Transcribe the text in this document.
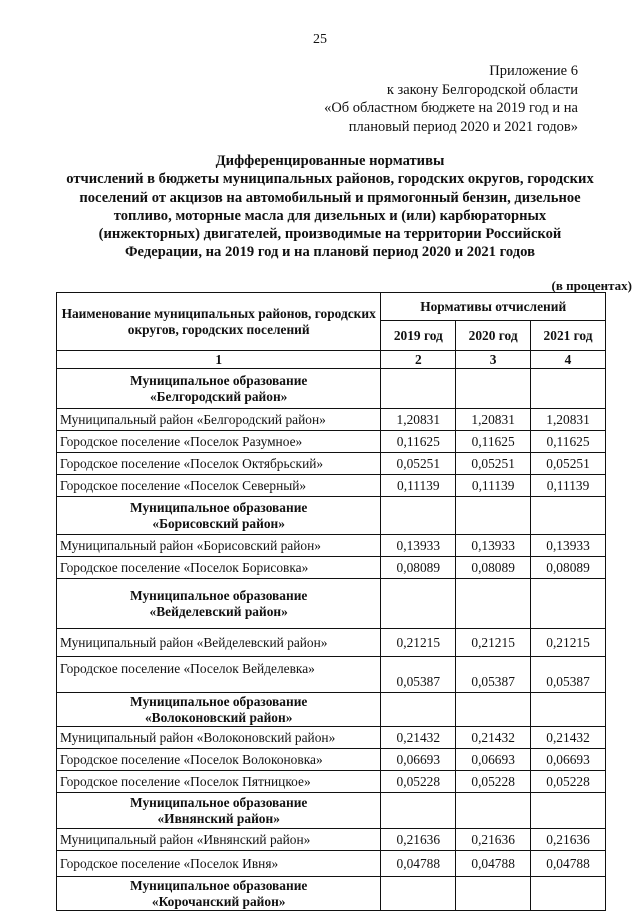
25
Приложение 6
к закону Белгородской области
«Об областном бюджете на 2019 год и на
плановый период 2020 и 2021 годов»
Дифференцированные нормативы
отчислений в бюджеты муниципальных районов, городских округов, городских
поселений от акцизов на автомобильный и прямогонный бензин, дизельное
топливо, моторные масла для дизельных и (или) карбюраторных
(инжекторных) двигателей, производимые на территории Российской
Федерации, на 2019 год и на плановй период 2020 и 2021 годов
(в процентах)
Наименование муниципальных районов, городских округов, городских поселений	Нормативы отчислений		
	2019 год	2020 год	2021 год
1	2	3	4

Муниципальное образование
«Белгородский район»			

Муниципальный район «Белгородский район»	1,20831	1,20831	1,20831
Городское поселение «Поселок Разумное»	0,11625	0,11625	0,11625
Городское поселение «Поселок Октябрьский»	0,05251	0,05251	0,05251
Городское поселение «Поселок Северный»	0,11139	0,11139	0,11139

Муниципальное образование
«Борисовский район»			

Муниципальный район «Борисовский район»	0,13933	0,13933	0,13933
Городское поселение «Поселок Борисовка»	0,08089	0,08089	0,08089

Муниципальное образование
«Вейделевский район»			

Муниципальный район «Вейделевский район»	0,21215	0,21215	0,21215
Городское поселение «Поселок Вейделевка»	0,05387	0,05387	0,05387

Муниципальное образование
«Волоконовский район»			

Муниципальный район «Волоконовский район»	0,21432	0,21432	0,21432
Городское поселение «Поселок Волоконовка»	0,06693	0,06693	0,06693
Городское поселение «Поселок Пятницкое»	0,05228	0,05228	0,05228

Муниципальное образование
«Ивнянский район»			

Муниципальный район «Ивнянский район»	0,21636	0,21636	0,21636
Городское поселение «Поселок Ивня»	0,04788	0,04788	0,04788

Муниципальное образование
«Корочанский район»			
